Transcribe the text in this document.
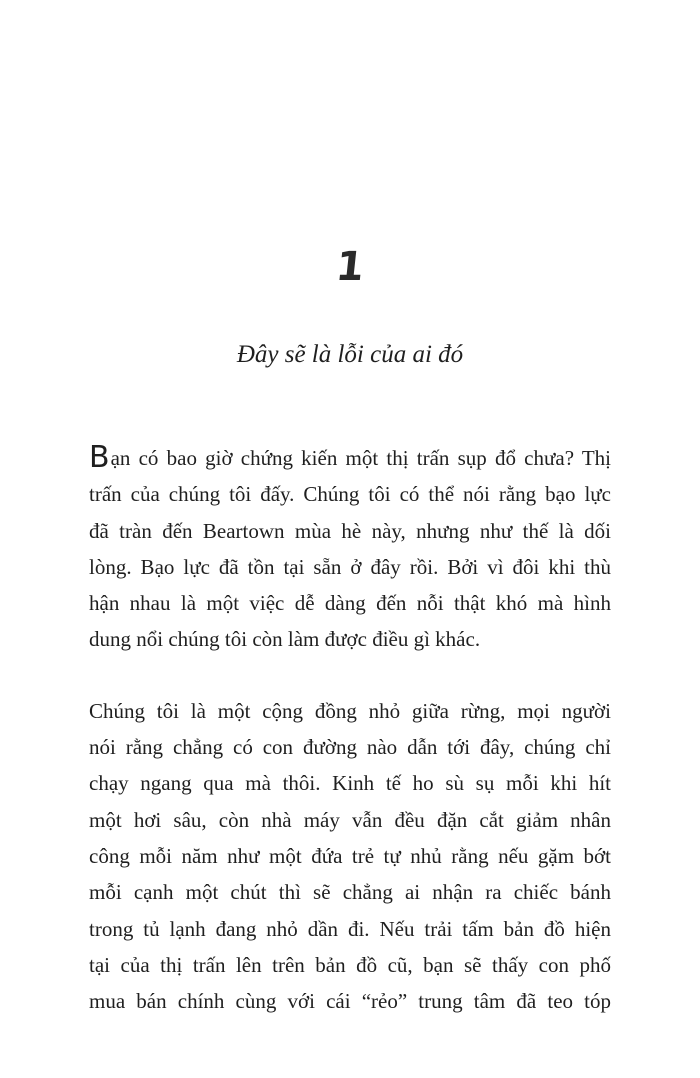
1
Đây sẽ là lỗi của ai đó
Bạn có bao giờ chứng kiến một thị trấn sụp đổ chưa? Thị
trấn của chúng tôi đấy. Chúng tôi có thể nói rằng bạo lực
đã tràn đến Beartown mùa hè này, nhưng như thế là dối
lòng. Bạo lực đã tồn tại sẵn ở đây rồi. Bởi vì đôi khi thù
hận nhau là một việc dễ dàng đến nỗi thật khó mà hình
dung nổi chúng tôi còn làm được điều gì khác.
Chúng tôi là một cộng đồng nhỏ giữa rừng, mọi người
nói rằng chẳng có con đường nào dẫn tới đây, chúng chỉ
chạy ngang qua mà thôi. Kinh tế ho sù sụ mỗi khi hít
một hơi sâu, còn nhà máy vẫn đều đặn cắt giảm nhân
công mỗi năm như một đứa trẻ tự nhủ rằng nếu gặm bớt
mỗi cạnh một chút thì sẽ chẳng ai nhận ra chiếc bánh
trong tủ lạnh đang nhỏ dần đi. Nếu trải tấm bản đồ hiện
tại của thị trấn lên trên bản đồ cũ, bạn sẽ thấy con phố
mua bán chính cùng với cái “rẻo” trung tâm đã teo tóp
